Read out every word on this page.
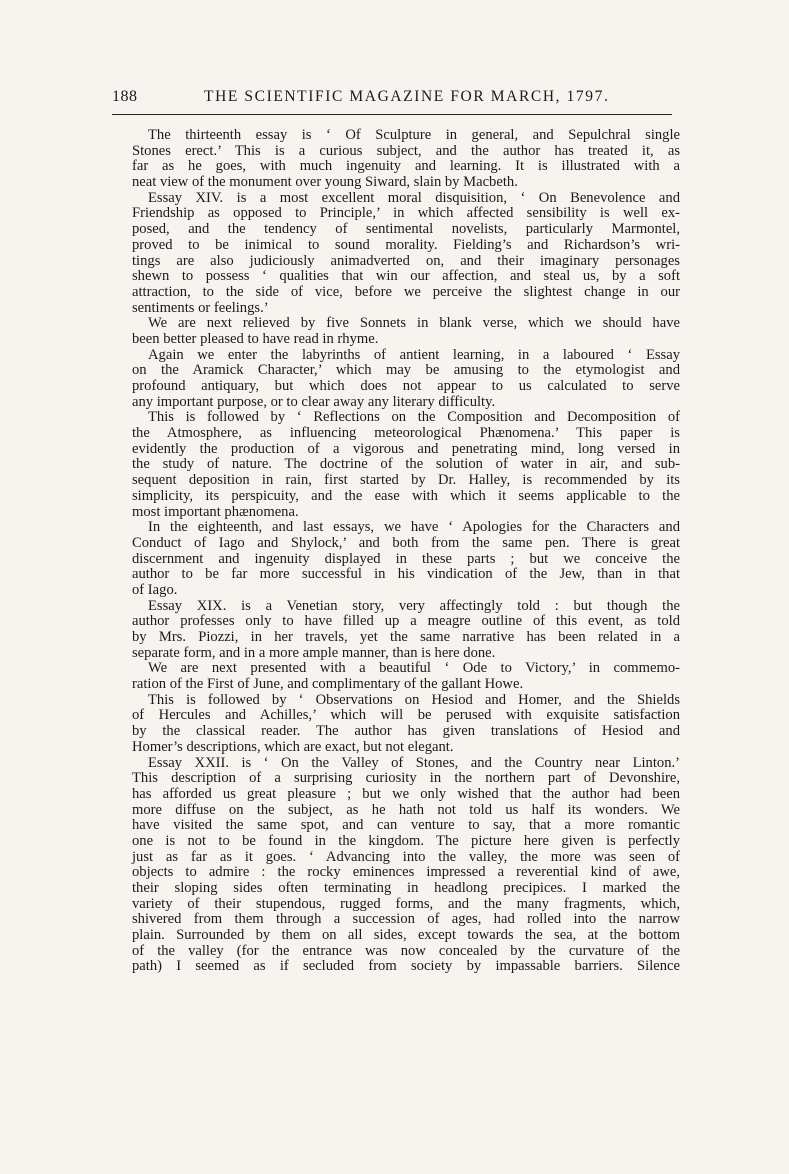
188	THE SCIENTIFIC MAGAZINE FOR MARCH, 1797.
The thirteenth essay is ‘ Of Sculpture in general, and Sepulchral single
Stones erect.’ This is a curious subject, and the author has treated it, as
far as he goes, with much ingenuity and learning. It is illustrated with a
neat view of the monument over young Siward, slain by Macbeth.
Essay XIV. is a most excellent moral disquisition, ‘ On Benevolence and
Friendship as opposed to Principle,’ in which affected sensibility is well ex-
posed, and the tendency of sentimental novelists, particularly Marmontel,
proved to be inimical to sound morality. Fielding’s and Richardson’s wri-
tings are also judiciously animadverted on, and their imaginary personages
shewn to possess ‘ qualities that win our affection, and steal us, by a soft
attraction, to the side of vice, before we perceive the slightest change in our
sentiments or feelings.’
We are next relieved by five Sonnets in blank verse, which we should have
been better pleased to have read in rhyme.
Again we enter the labyrinths of antient learning, in a laboured ‘ Essay
on the Aramick Character,’ which may be amusing to the etymologist and
profound antiquary, but which does not appear to us calculated to serve
any important purpose, or to clear away any literary difficulty.
This is followed by ‘ Reflections on the Composition and Decomposition of
the Atmosphere, as influencing meteorological Phænomena.’ This paper is
evidently the production of a vigorous and penetrating mind, long versed in
the study of nature. The doctrine of the solution of water in air, and sub-
sequent deposition in rain, first started by Dr. Halley, is recommended by its
simplicity, its perspicuity, and the ease with which it seems applicable to the
most important phænomena.
In the eighteenth, and last essays, we have ‘ Apologies for the Characters and
Conduct of Iago and Shylock,’ and both from the same pen. There is great
discernment and ingenuity displayed in these parts ; but we conceive the
author to be far more successful in his vindication of the Jew, than in that
of Iago.
Essay XIX. is a Venetian story, very affectingly told : but though the
author professes only to have filled up a meagre outline of this event, as told
by Mrs. Piozzi, in her travels, yet the same narrative has been related in a
separate form, and in a more ample manner, than is here done.
We are next presented with a beautiful ‘ Ode to Victory,’ in commemo-
ration of the First of June, and complimentary of the gallant Howe.
This is followed by ‘ Observations on Hesiod and Homer, and the Shields
of Hercules and Achilles,’ which will be perused with exquisite satisfaction
by the classical reader. The author has given translations of Hesiod and
Homer’s descriptions, which are exact, but not elegant.
Essay XXII. is ‘ On the Valley of Stones, and the Country near Linton.’
This description of a surprising curiosity in the northern part of Devonshire,
has afforded us great pleasure ; but we only wished that the author had been
more diffuse on the subject, as he hath not told us half its wonders. We
have visited the same spot, and can venture to say, that a more romantic
one is not to be found in the kingdom. The picture here given is perfectly
just as far as it goes. ‘ Advancing into the valley, the more was seen of
objects to admire : the rocky eminences impressed a reverential kind of awe,
their sloping sides often terminating in headlong precipices. I marked the
variety of their stupendous, rugged forms, and the many fragments, which,
shivered from them through a succession of ages, had rolled into the narrow
plain. Surrounded by them on all sides, except towards the sea, at the bottom
of the valley (for the entrance was now concealed by the curvature of the
path) I seemed as if secluded from society by impassable barriers. Silence
